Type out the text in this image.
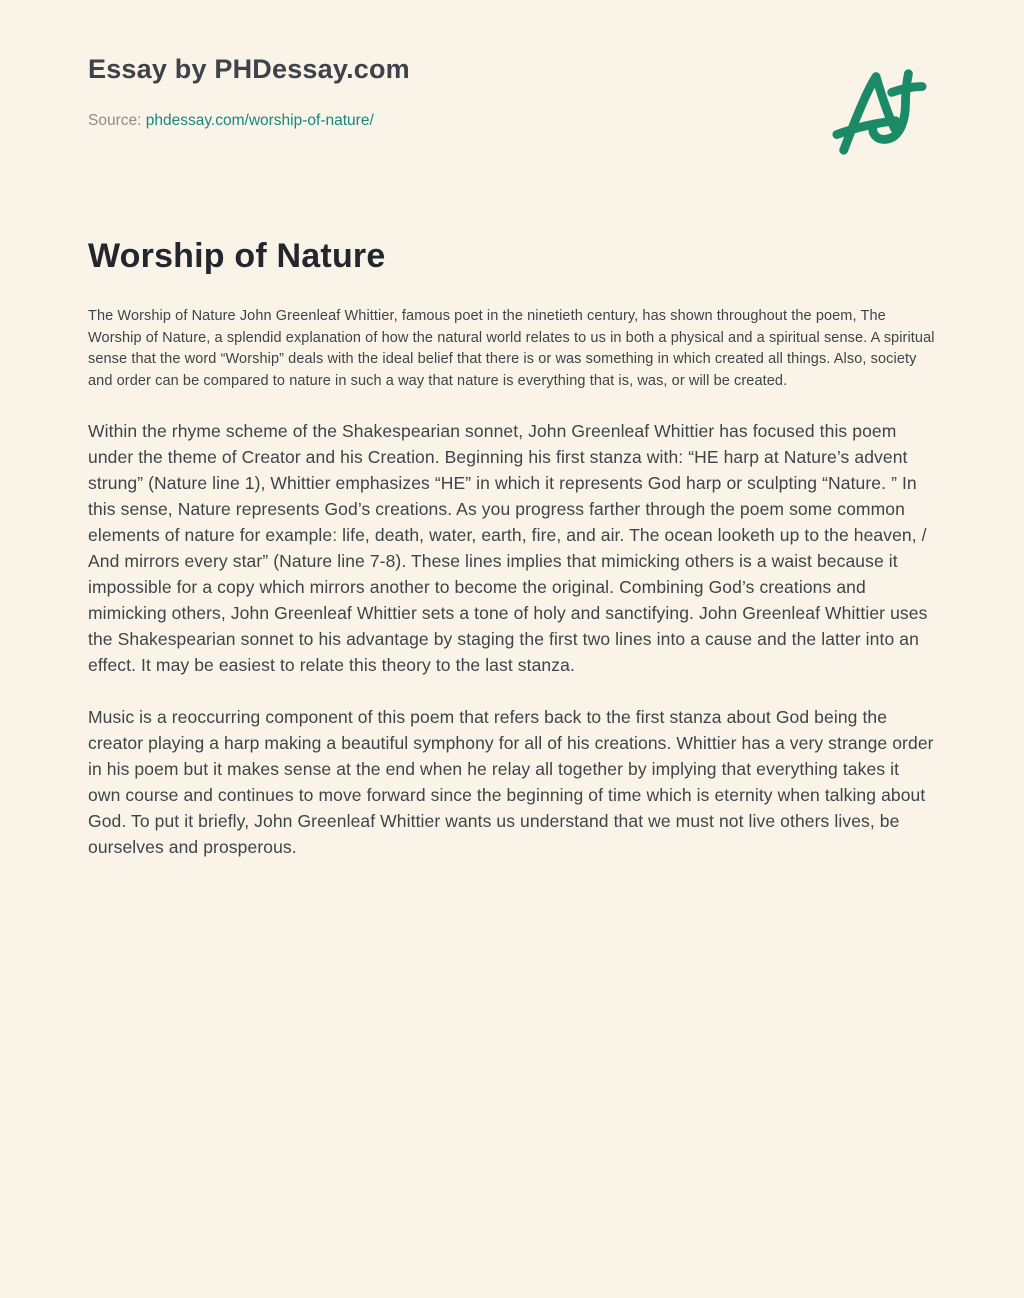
Essay by PHDessay.com
Source: phdessay.com/worship-of-nature/
Worship of Nature

The Worship of Nature John Greenleaf Whittier, famous poet in the ninetieth century, has shown throughout the poem, The Worship of Nature, a splendid explanation of how the natural world relates to us in both a physical and a spiritual sense. A spiritual sense that the word “Worship” deals with the ideal belief that there is or was something in which created all things. Also, society and order can be compared to nature in such a way that nature is everything that is, was, or will be created.

Within the rhyme scheme of the Shakespearian sonnet, John Greenleaf Whittier has focused this poem under the theme of Creator and his Creation. Beginning his first stanza with: “HE harp at Nature’s advent strung” (Nature line 1), Whittier emphasizes “HE” in which it represents God harp or sculpting “Nature. ” In this sense, Nature represents God’s creations. As you progress farther through the poem some common elements of nature for example: life, death, water, earth, fire, and air. The ocean looketh up to the heaven, / And mirrors every star” (Nature line 7-8). These lines implies that mimicking others is a waist because it impossible for a copy which mirrors another to become the original. Combining God’s creations and mimicking others, John Greenleaf Whittier sets a tone of holy and sanctifying. John Greenleaf Whittier uses the Shakespearian sonnet to his advantage by staging the first two lines into a cause and the latter into an effect. It may be easiest to relate this theory to the last stanza.

Music is a reoccurring component of this poem that refers back to the first stanza about God being the creator playing a harp making a beautiful symphony for all of his creations. Whittier has a very strange order in his poem but it makes sense at the end when he relay all together by implying that everything takes it own course and continues to move forward since the beginning of time which is eternity when talking about God. To put it briefly, John Greenleaf Whittier wants us understand that we must not live others lives, be ourselves and prosperous.
